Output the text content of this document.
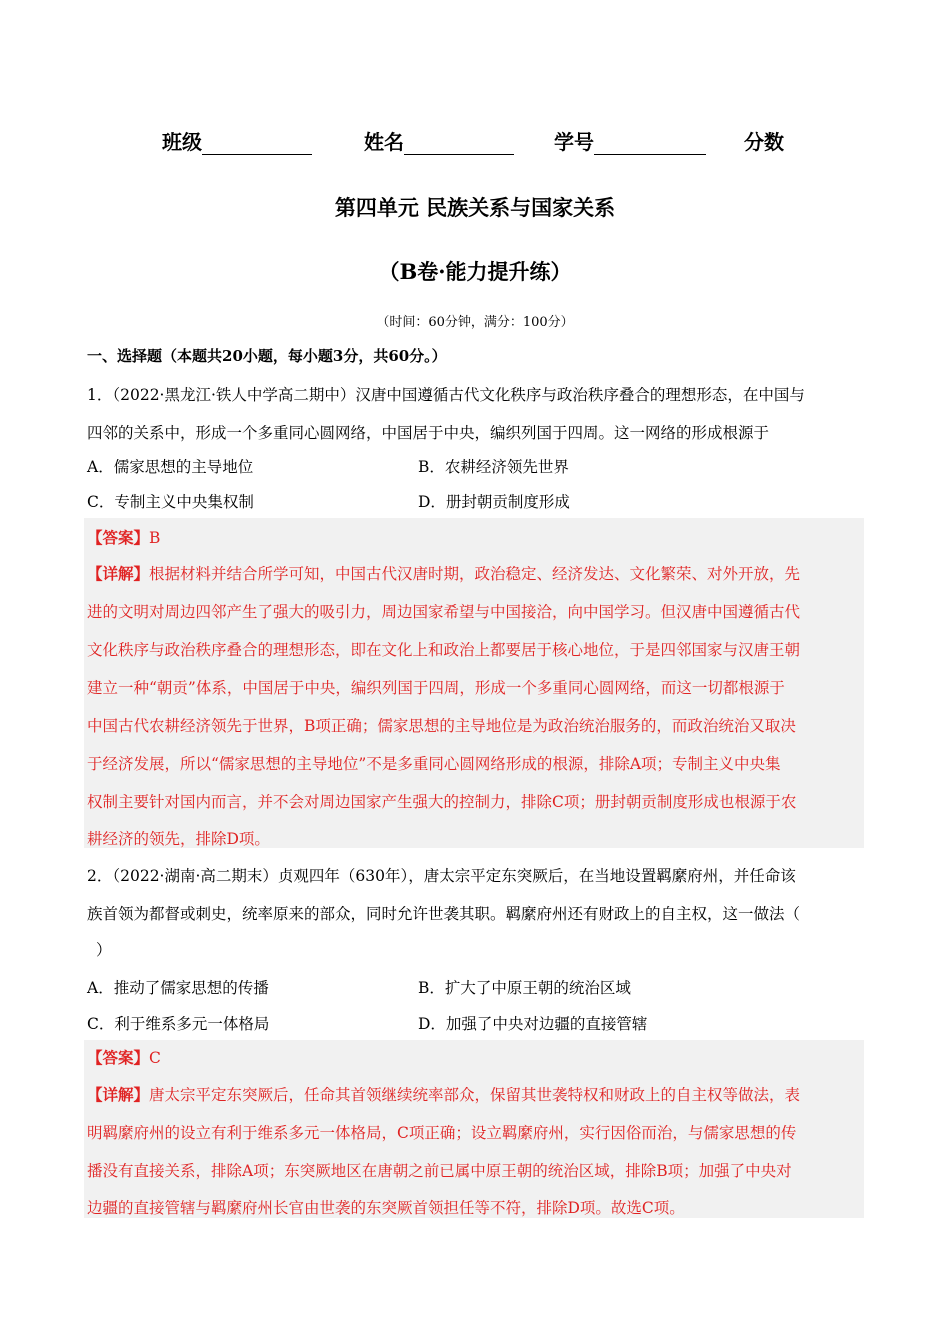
班级	姓名	学号	分数
第四单元 民族关系与国家关系
（B卷·能力提升练）
（时间：60分钟，满分：100分）
一、选择题（本题共20小题，每小题3分，共60分。）
1．（2022·黑龙江·铁人中学高二期中）汉唐中国遵循古代文化秩序与政治秩序叠合的理想形态，在中国与
四邻的关系中，形成一个多重同心圆网络，中国居于中央，编织列国于四周。这一网络的形成根源于
A．儒家思想的主导地位	B．农耕经济领先世界
C．专制主义中央集权制	D．册封朝贡制度形成
【答案】B
【详解】根据材料并结合所学可知，中国古代汉唐时期，政治稳定、经济发达、文化繁荣、对外开放，先
进的文明对周边四邻产生了强大的吸引力，周边国家希望与中国接洽，向中国学习。但汉唐中国遵循古代
文化秩序与政治秩序叠合的理想形态，即在文化上和政治上都要居于核心地位，于是四邻国家与汉唐王朝
建立一种“朝贡”体系，中国居于中央，编织列国于四周，形成一个多重同心圆网络，而这一切都根源于
中国古代农耕经济领先于世界，B项正确；儒家思想的主导地位是为政治统治服务的，而政治统治又取决
于经济发展，所以“儒家思想的主导地位”不是多重同心圆网络形成的根源，排除A项；专制主义中央集
权制主要针对国内而言，并不会对周边国家产生强大的控制力，排除C项；册封朝贡制度形成也根源于农
耕经济的领先，排除D项。
2．（2022·湖南·高二期末）贞观四年（630年），唐太宗平定东突厥后，在当地设置羁縻府州，并任命该
族首领为都督或刺史，统率原来的部众，同时允许世袭其职。羁縻府州还有财政上的自主权，这一做法（
）
A．推动了儒家思想的传播	B．扩大了中原王朝的统治区域
C．利于维系多元一体格局	D．加强了中央对边疆的直接管辖
【答案】C
【详解】唐太宗平定东突厥后，任命其首领继续统率部众，保留其世袭特权和财政上的自主权等做法，表
明羁縻府州的设立有利于维系多元一体格局，C项正确；设立羁縻府州，实行因俗而治，与儒家思想的传
播没有直接关系，排除A项；东突厥地区在唐朝之前已属中原王朝的统治区域，排除B项；加强了中央对
边疆的直接管辖与羁縻府州长官由世袭的东突厥首领担任等不符，排除D项。故选C项。
